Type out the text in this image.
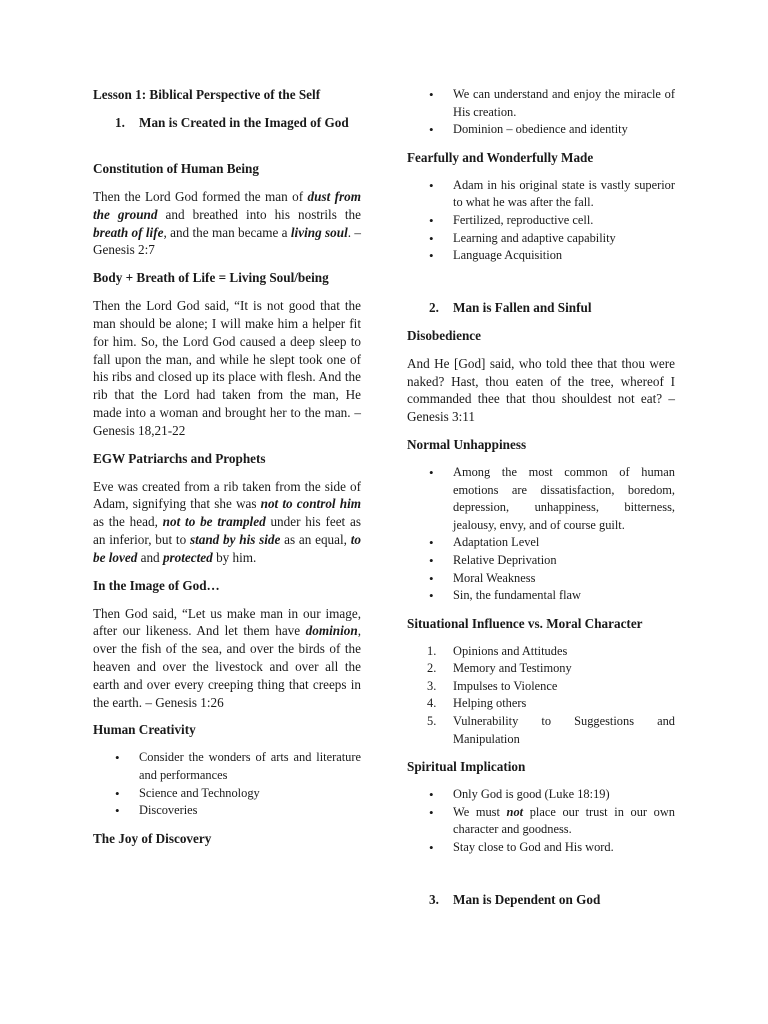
Lesson 1: Biblical Perspective of the Self
1. Man is Created in the Imaged of God
Constitution of Human Being
Then the Lord God formed the man of dust from the ground and breathed into his nostrils the breath of life, and the man became a living soul. – Genesis 2:7
Body + Breath of Life = Living Soul/being
Then the Lord God said, “It is not good that the man should be alone; I will make him a helper fit for him. So, the Lord God caused a deep sleep to fall upon the man, and while he slept took one of his ribs and closed up its place with flesh. And the rib that the Lord had taken from the man, He made into a woman and brought her to the man. – Genesis 18,21-22
EGW Patriarchs and Prophets
Eve was created from a rib taken from the side of Adam, signifying that she was not to control him as the head, not to be trampled under his feet as an inferior, but to stand by his side as an equal, to be loved and protected by him.
In the Image of God…
Then God said, “Let us make man in our image, after our likeness. And let them have dominion, over the fish of the sea, and over the birds of the heaven and over the livestock and over all the earth and over every creeping thing that creeps in the earth. – Genesis 1:26
Human Creativity
• Consider the wonders of arts and literature and performances
• Science and Technology
• Discoveries
The Joy of Discovery
• We can understand and enjoy the miracle of His creation.
• Dominion – obedience and identity
Fearfully and Wonderfully Made
• Adam in his original state is vastly superior to what he was after the fall.
• Fertilized, reproductive cell.
• Learning and adaptive capability
• Language Acquisition
2. Man is Fallen and Sinful
Disobedience
And He [God] said, who told thee that thou were naked? Hast, thou eaten of the tree, whereof I commanded thee that thou shouldest not eat? – Genesis 3:11
Normal Unhappiness
• Among the most common of human emotions are dissatisfaction, boredom, depression, unhappiness, bitterness, jealousy, envy, and of course guilt.
• Adaptation Level
• Relative Deprivation
• Moral Weakness
• Sin, the fundamental flaw
Situational Influence vs. Moral Character
1. Opinions and Attitudes
2. Memory and Testimony
3. Impulses to Violence
4. Helping others
5. Vulnerability to Suggestions and Manipulation
Spiritual Implication
• Only God is good (Luke 18:19)
• We must not place our trust in our own character and goodness.
• Stay close to God and His word.
3. Man is Dependent on God
